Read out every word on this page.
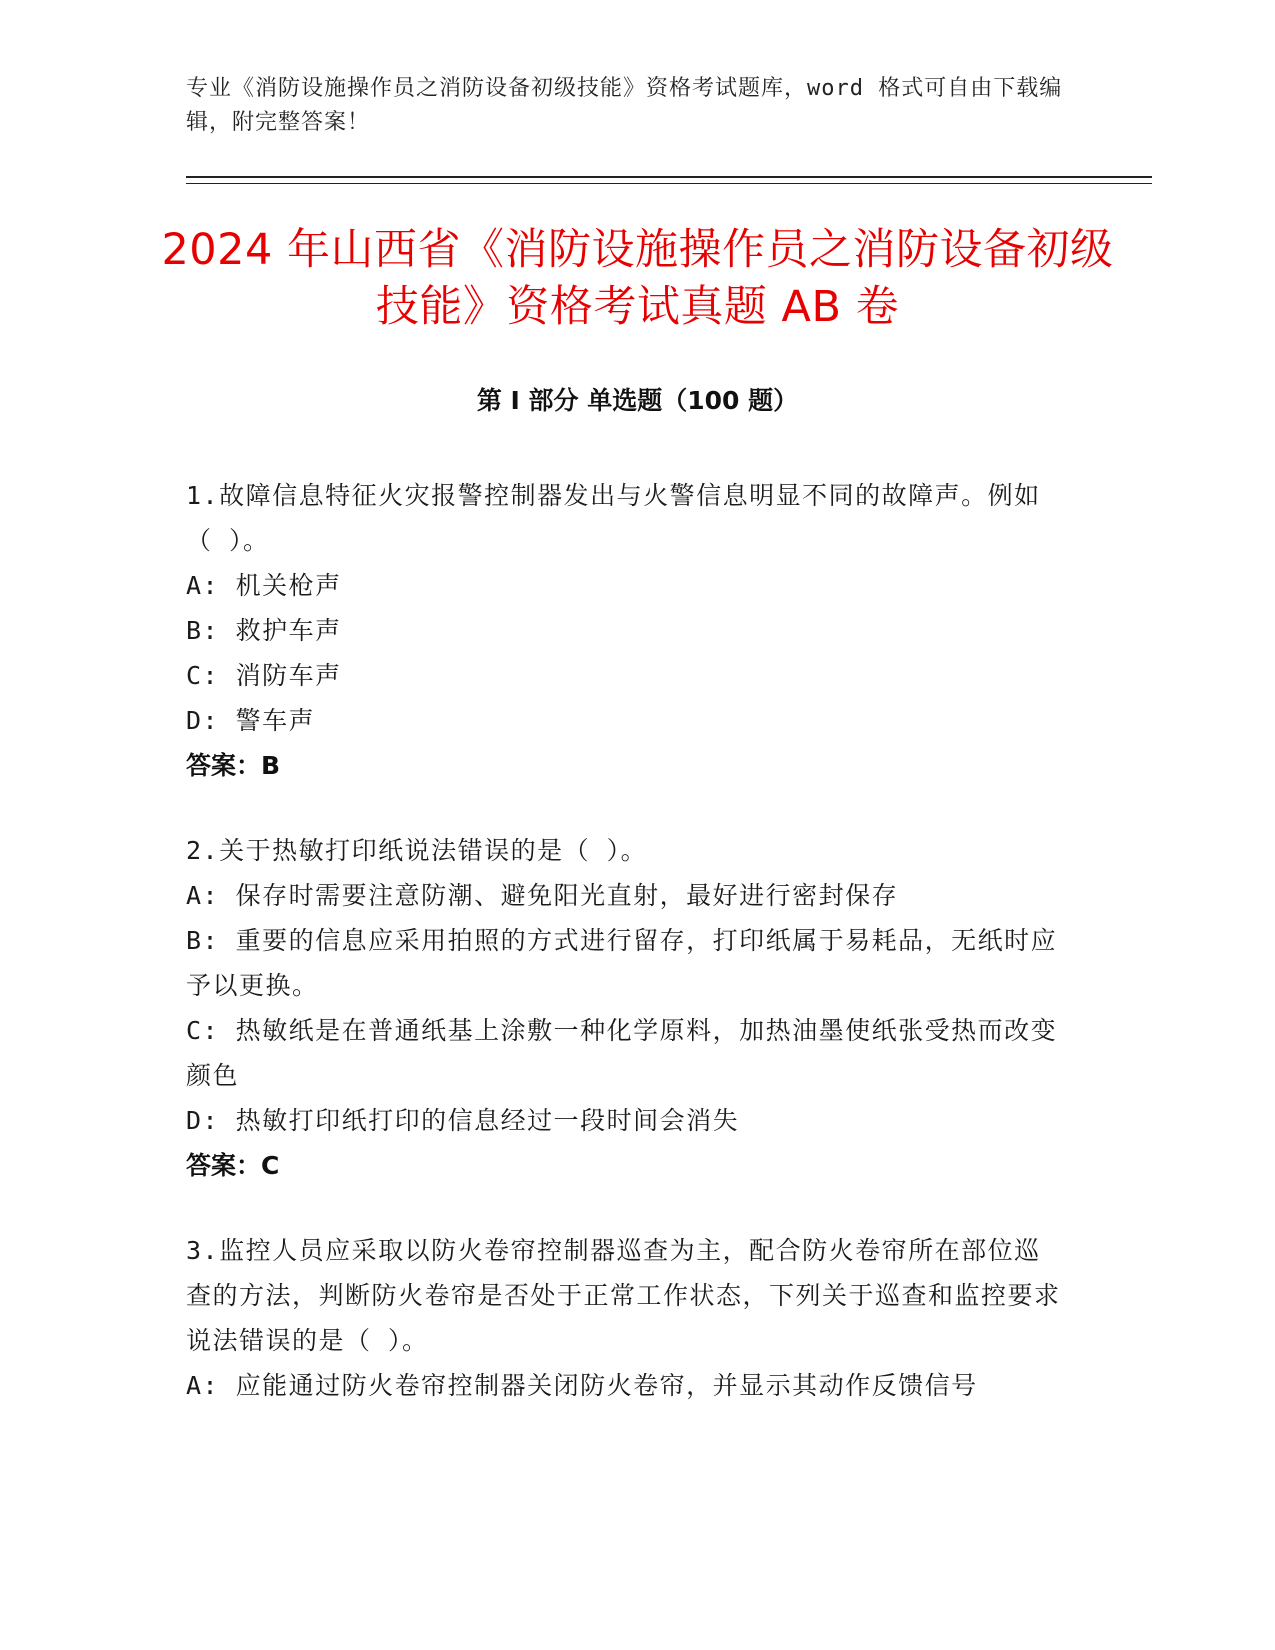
专业《消防设施操作员之消防设备初级技能》资格考试题库，word 格式可自由下载编辑，附完整答案！
2024 年山西省《消防设施操作员之消防设备初级技能》资格考试真题 AB 卷
第 I 部分 单选题（100 题）

1.故障信息特征火灾报警控制器发出与火警信息明显不同的故障声。例如（ ）。

A: 机关枪声

B: 救护车声

C: 消防车声

D: 警车声

答案：B

2.关于热敏打印纸说法错误的是（ ）。

A: 保存时需要注意防潮、避免阳光直射，最好进行密封保存

B: 重要的信息应采用拍照的方式进行留存，打印纸属于易耗品，无纸时应予以更换。

C: 热敏纸是在普通纸基上涂敷一种化学原料，加热油墨使纸张受热而改变颜色

D: 热敏打印纸打印的信息经过一段时间会消失

答案：C

3.监控人员应采取以防火卷帘控制器巡查为主，配合防火卷帘所在部位巡查的方法，判断防火卷帘是否处于正常工作状态，下列关于巡查和监控要求说法错误的是（ ）。

A: 应能通过防火卷帘控制器关闭防火卷帘，并显示其动作反馈信号
